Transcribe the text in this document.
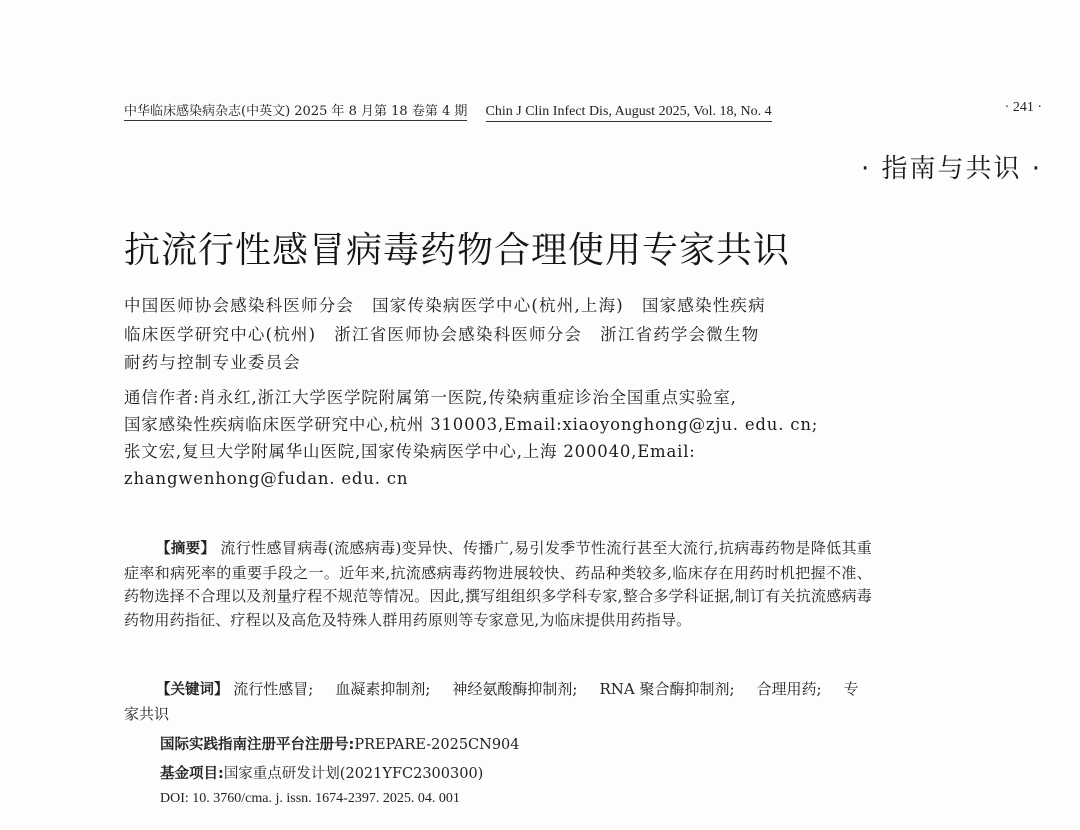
中华临床感染病杂志(中英文) 2025 年 8 月第 18 卷第 4 期 Chin J Clin Infect Dis, August 2025, Vol. 18, No. 4	· 241 ·
· 指南与共识 ·
抗流行性感冒病毒药物合理使用专家共识
中国医师协会感染科医师分会 国家传染病医学中心(杭州,上海) 国家感染性疾病
临床医学研究中心(杭州) 浙江省医师协会感染科医师分会 浙江省药学会微生物
耐药与控制专业委员会
通信作者:肖永红,浙江大学医学院附属第一医院,传染病重症诊治全国重点实验室,
国家感染性疾病临床医学研究中心,杭州 310003,Email:xiaoyonghong@zju. edu. cn;
张文宏,复旦大学附属华山医院,国家传染病医学中心,上海 200040,Email:
zhangwenhong@fudan. edu. cn
【摘要】 流行性感冒病毒(流感病毒)变异快、传播广,易引发季节性流行甚至大流行,抗病毒药物是降低其重症率和病死率的重要手段之一。近年来,抗流感病毒药物进展较快、药品种类较多,临床存在用药时机把握不准、药物选择不合理以及剂量疗程不规范等情况。因此,撰写组组织多学科专家,整合多学科证据,制订有关抗流感病毒药物用药指征、疗程以及高危及特殊人群用药原则等专家意见,为临床提供用药指导。
【关键词】 流行性感冒; 血凝素抑制剂; 神经氨酸酶抑制剂; RNA 聚合酶抑制剂; 合理用药; 专家共识
国际实践指南注册平台注册号:PREPARE-2025CN904
基金项目:国家重点研发计划(2021YFC2300300)
DOI: 10. 3760/cma. j. issn. 1674-2397. 2025. 04. 001
